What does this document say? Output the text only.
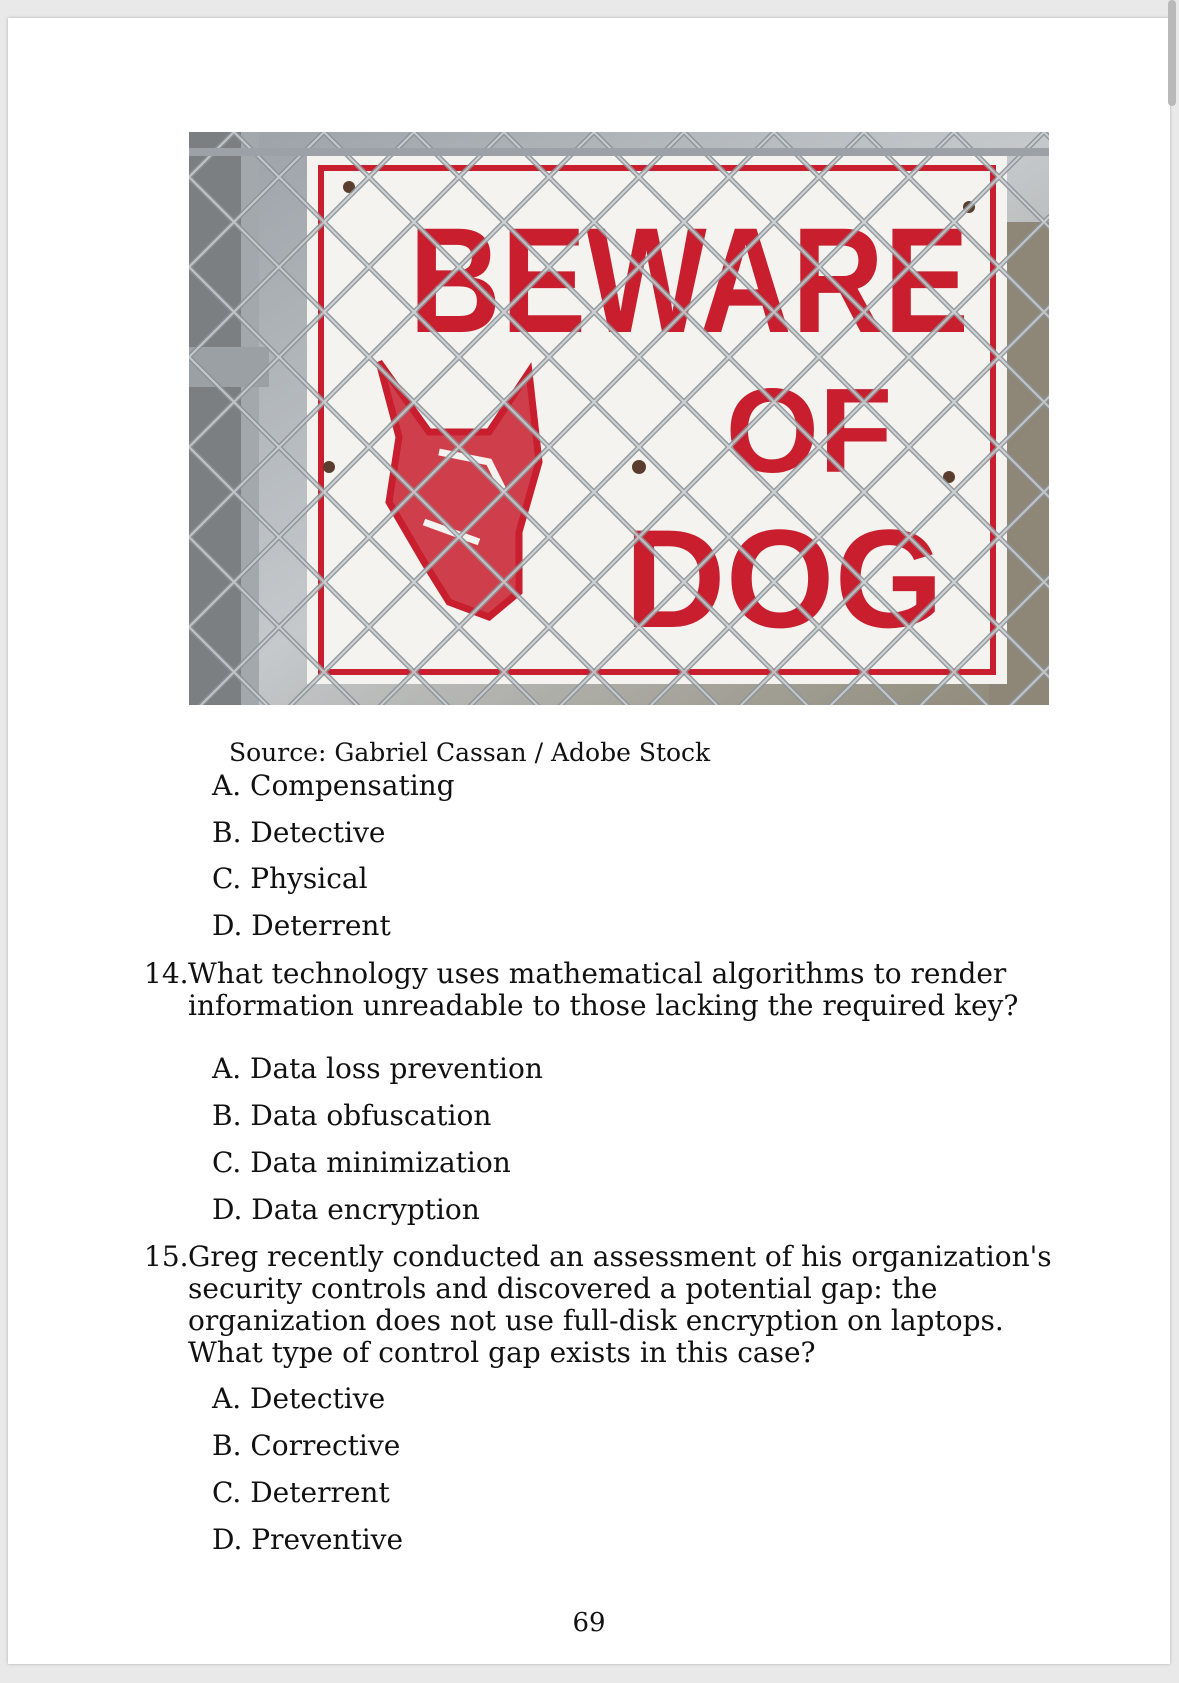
Source: Gabriel Cassan / Adobe Stock
A. Compensating
B. Detective
C. Physical
D. Deterrent
14. What technology uses mathematical algorithms to render information unreadable to those lacking the required key?
A. Data loss prevention
B. Data obfuscation
C. Data minimization
D. Data encryption
15. Greg recently conducted an assessment of his organization's security controls and discovered a potential gap: the organization does not use full-disk encryption on laptops. What type of control gap exists in this case?
A. Detective
B. Corrective
C. Deterrent
D. Preventive
69
